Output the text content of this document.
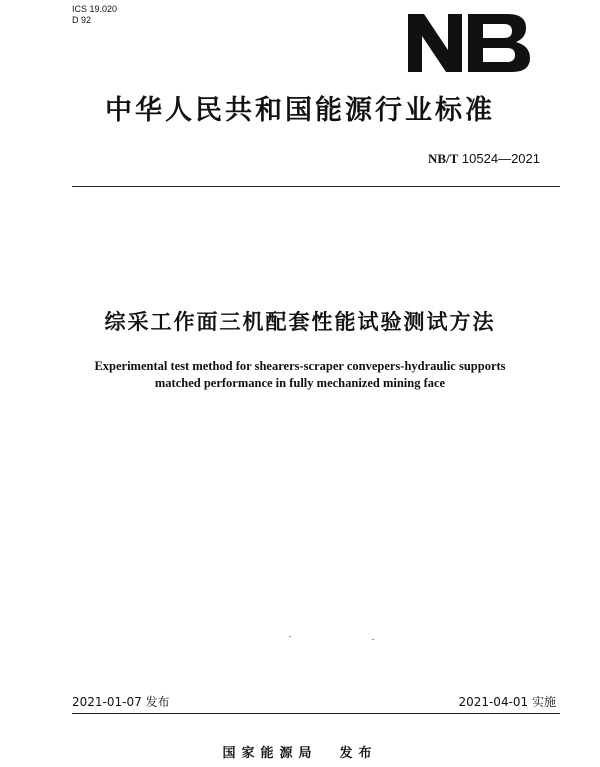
ICS 19.020
D 92
中华人民共和国能源行业标准
NB/T 10524—2021
综采工作面三机配套性能试验测试方法
Experimental test method for shearers-scraper convepers-hydraulic supports
matched performance in fully mechanized mining face
2021-01-07 发布	2021-04-01 实施
国家能源局 发布
